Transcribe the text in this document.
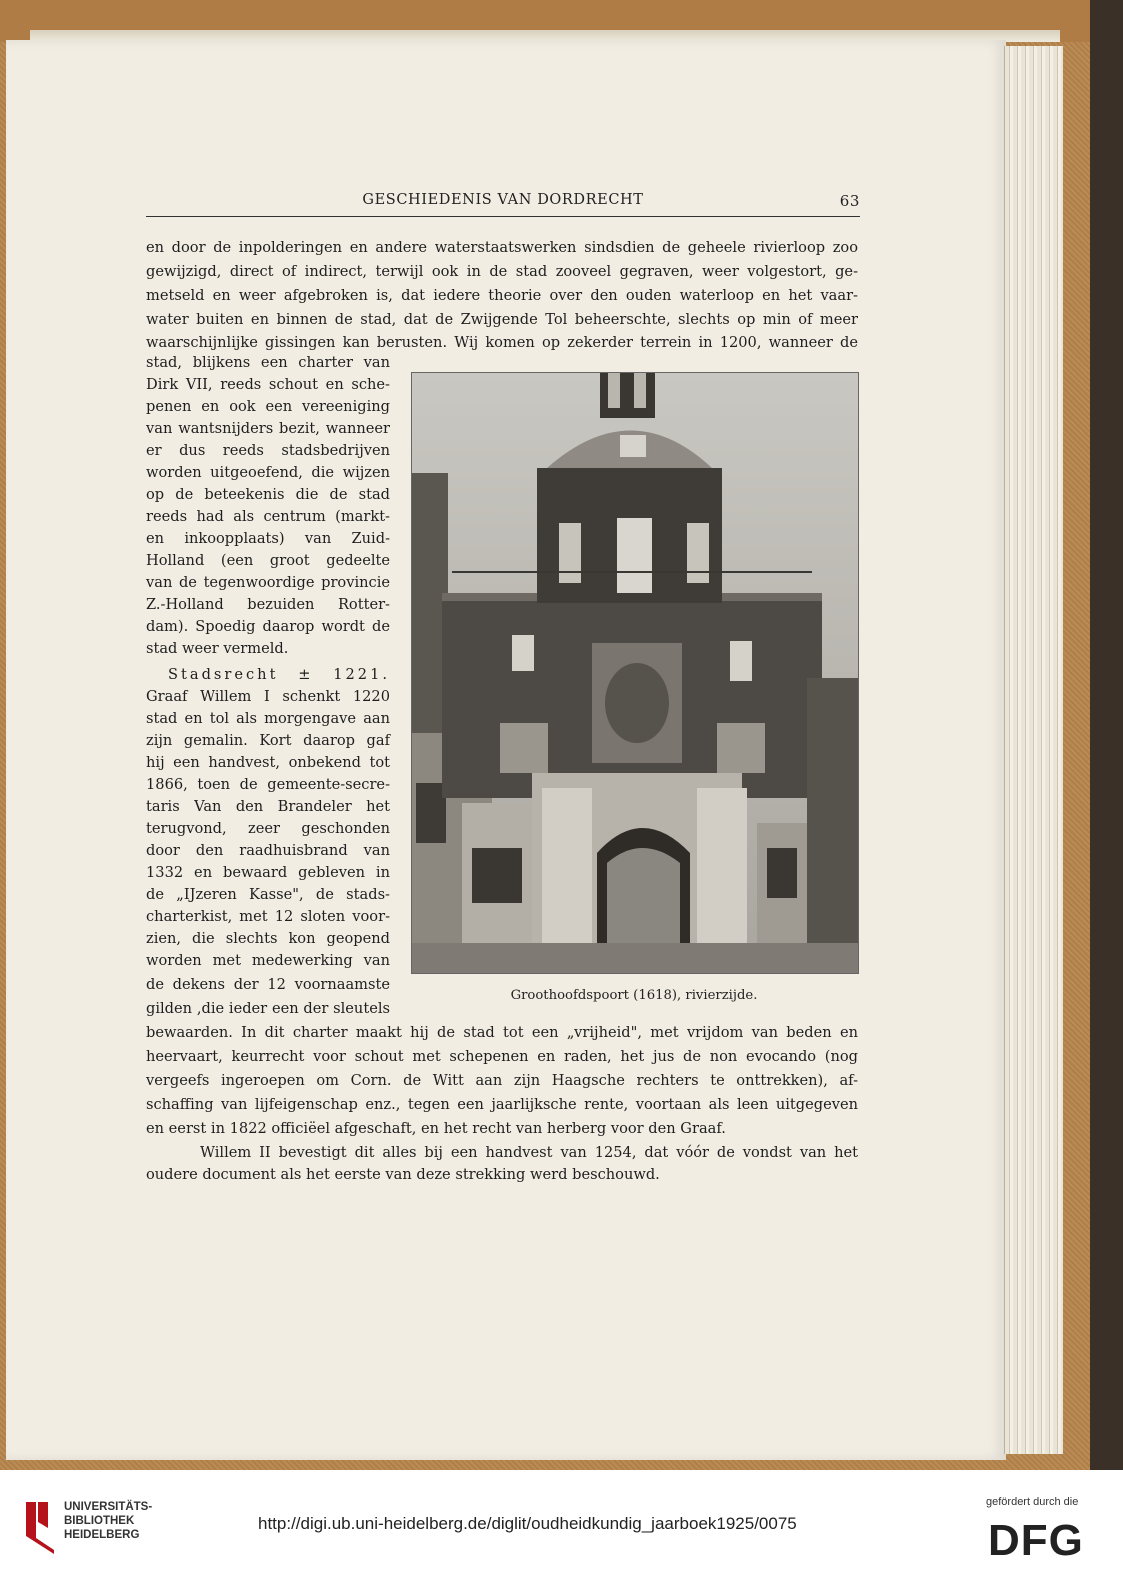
GESCHIEDENIS VAN DORDRECHT	63
en door de inpolderingen en andere waterstaatswerken sindsdien de geheele rivierloop zoo
gewijzigd, direct of indirect, terwijl ook in de stad zooveel gegraven, weer volgestort, ge-
metseld en weer afgebroken is, dat iedere theorie over den ouden waterloop en het vaar-
water buiten en binnen de stad, dat de Zwijgende Tol beheerschte, slechts op min of meer
waarschijnlijke gissingen kan berusten. Wij komen op zekerder terrein in 1200, wanneer de
stad, blijkens een charter van
Dirk VII, reeds schout en sche-
penen en ook een vereeniging
van wantsnijders bezit, wanneer
er dus reeds stadsbedrijven
worden uitgeoefend, die wijzen
op de beteekenis die de stad
reeds had als centrum (markt-
en inkoopplaats) van Zuid-
Holland (een groot gedeelte
van de tegenwoordige provincie
Z.-Holland bezuiden Rotter-
dam). Spoedig daarop wordt de
stad weer vermeld.
Stadsrecht ± 1221.
Graaf Willem I schenkt 1220
stad en tol als morgengave aan
zijn gemalin. Kort daarop gaf
hij een handvest, onbekend tot
1866, toen de gemeente-secre-
taris Van den Brandeler het
terugvond, zeer geschonden
door den raadhuisbrand van
1332 en bewaard gebleven in
de „IJzeren Kasse", de stads-
charterkist, met 12 sloten voor-
zien, die slechts kon geopend
worden met medewerking van
de dekens der 12 voornaamste
gilden ,die ieder een der sleutels
bewaarden. In dit charter maakt hij de stad tot een „vrijheid", met vrijdom van beden en
heervaart, keurrecht voor schout met schepenen en raden, het jus de non evocando (nog
vergeefs ingeroepen om Corn. de Witt aan zijn Haagsche rechters te onttrekken), af-
schaffing van lijfeigenschap enz., tegen een jaarlijksche rente, voortaan als leen uitgegeven
en eerst in 1822 officiëel afgeschaft, en het recht van herberg voor den Graaf.
Willem II bevestigt dit alles bij een handvest van 1254, dat vóór de vondst van het
oudere document als het eerste van deze strekking werd beschouwd.
Groothoofdspoort (1618), rivierzijde.
UNIVERSITÄTS-
BIBLIOTHEK
HEIDELBERG
http://digi.ub.uni-heidelberg.de/diglit/oudheidkundig_jaarboek1925/0075
gefördert durch die
DFG
